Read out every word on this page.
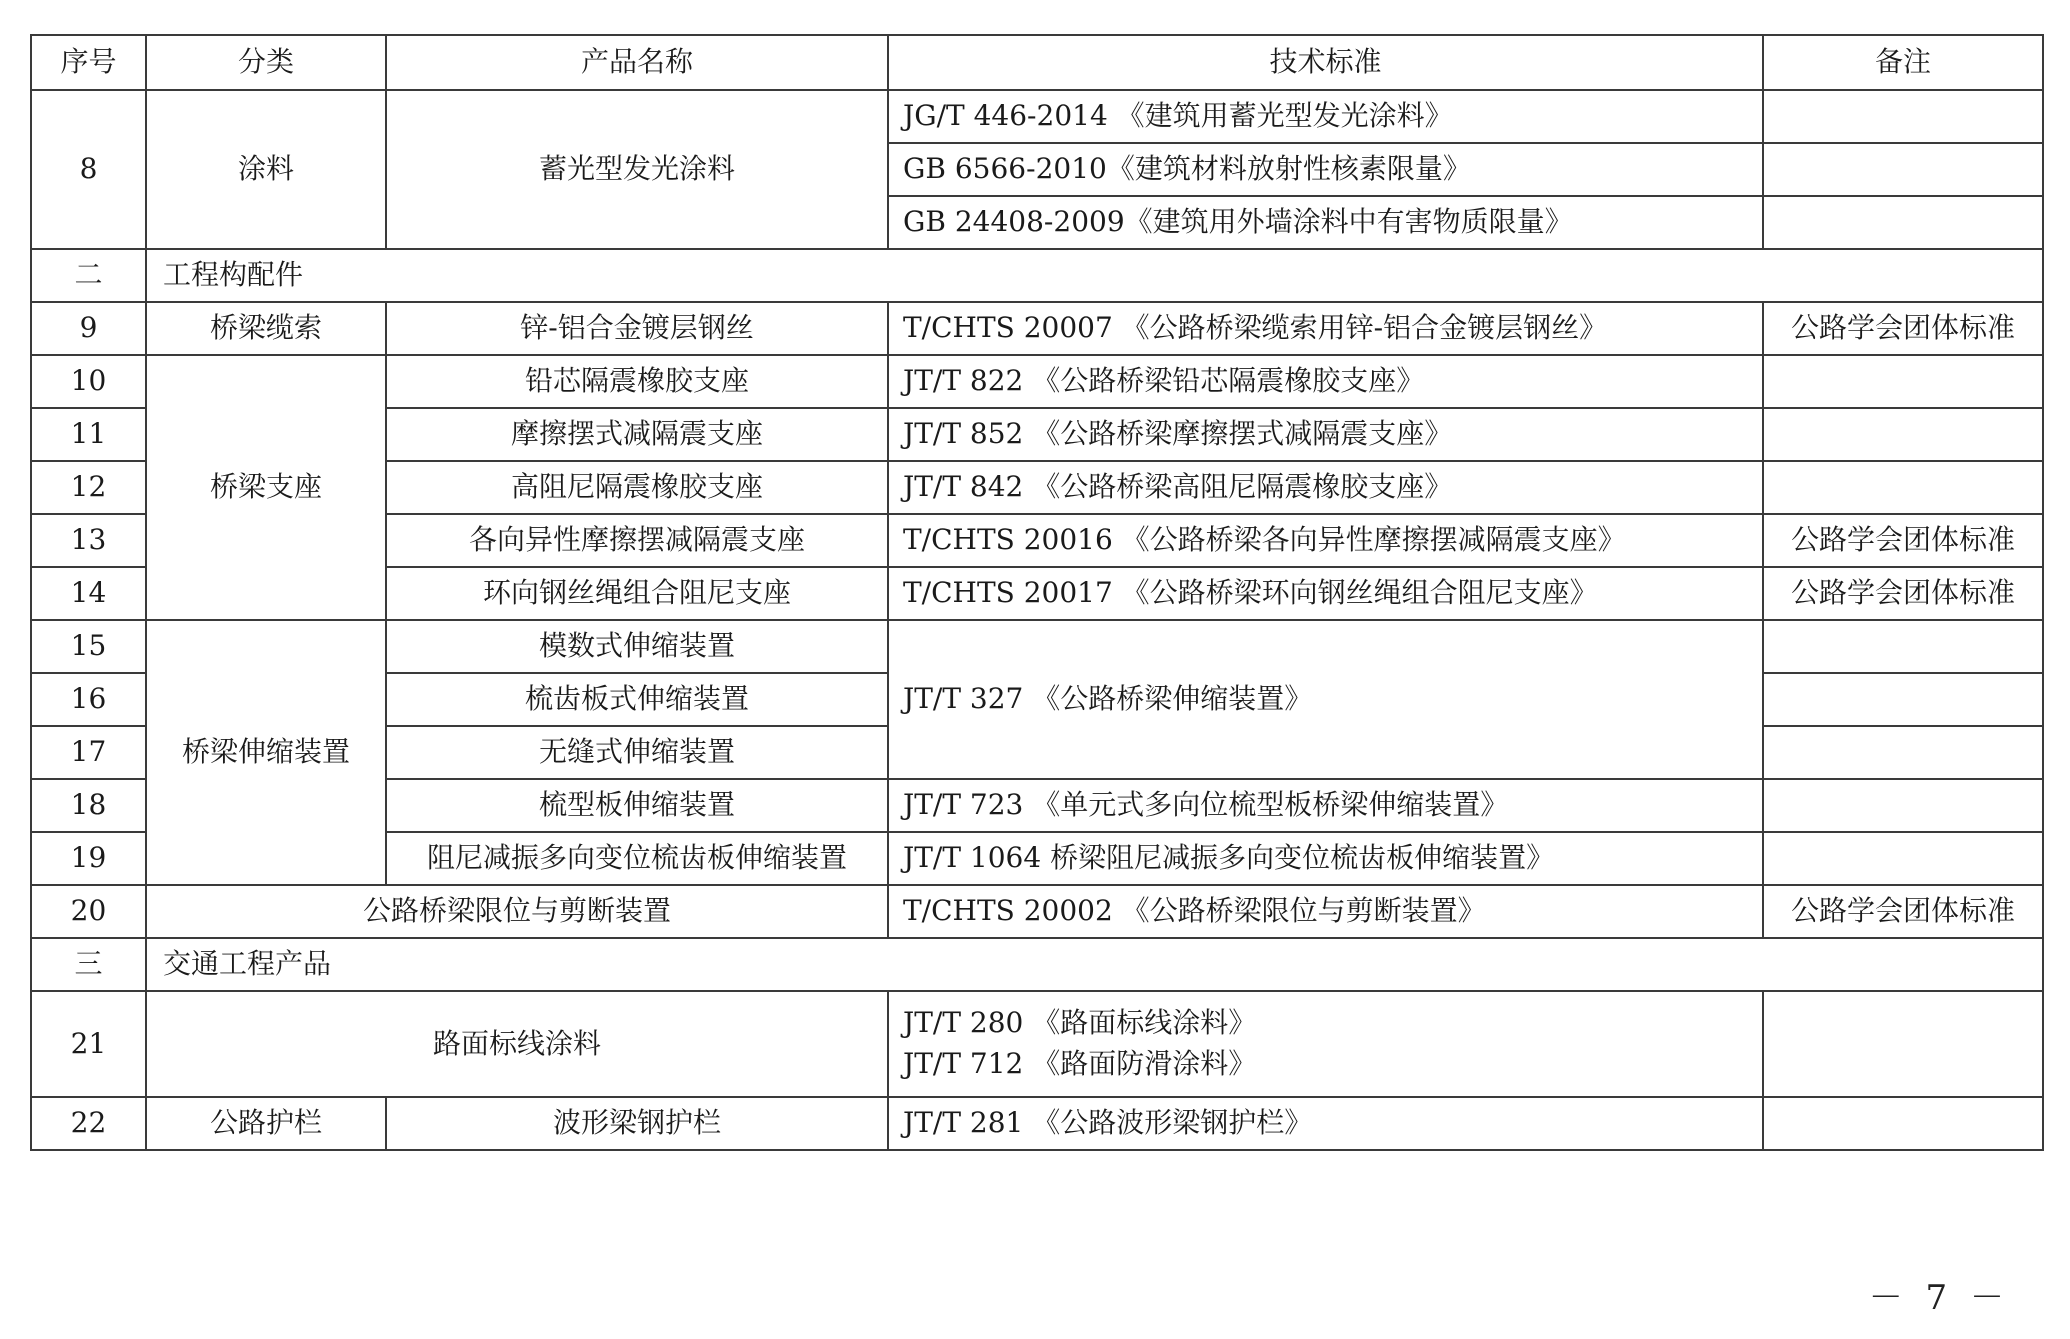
序号	分类	产品名称	技术标准	备注
8	涂料	蓄光型发光涂料	JG/T 446-2014 《建筑用蓄光型发光涂料》	
			GB 6566-2010《建筑材料放射性核素限量》	
			GB 24408-2009《建筑用外墙涂料中有害物质限量》	
二	工程构配件			
9	桥梁缆索	锌-铝合金镀层钢丝	T/CHTS 20007 《公路桥梁缆索用锌-铝合金镀层钢丝》	公路学会团体标准
10	桥梁支座	铅芯隔震橡胶支座	JT/T 822 《公路桥梁铅芯隔震橡胶支座》	
11		摩擦摆式减隔震支座	JT/T 852 《公路桥梁摩擦摆式减隔震支座》	
12		高阻尼隔震橡胶支座	JT/T 842 《公路桥梁高阻尼隔震橡胶支座》	
13		各向异性摩擦摆减隔震支座	T/CHTS 20016 《公路桥梁各向异性摩擦摆减隔震支座》	公路学会团体标准
14		环向钢丝绳组合阻尼支座	T/CHTS 20017 《公路桥梁环向钢丝绳组合阻尼支座》	公路学会团体标准
15	桥梁伸缩装置	模数式伸缩装置	JT/T 327 《公路桥梁伸缩装置》	
16		梳齿板式伸缩装置		
17		无缝式伸缩装置		
18		梳型板伸缩装置	JT/T 723 《单元式多向位梳型板桥梁伸缩装置》	
19		阻尼减振多向变位梳齿板伸缩装置	JT/T 1064 桥梁阻尼减振多向变位梳齿板伸缩装置》	
20	公路桥梁限位与剪断装置		T/CHTS 20002 《公路桥梁限位与剪断装置》	公路学会团体标准
三	交通工程产品			
21	路面标线涂料		JT/T 280 《路面标线涂料》
JT/T 712 《路面防滑涂料》	

22	公路护栏	波形梁钢护栏	JT/T 281 《公路波形梁钢护栏》	
－ 7 －
